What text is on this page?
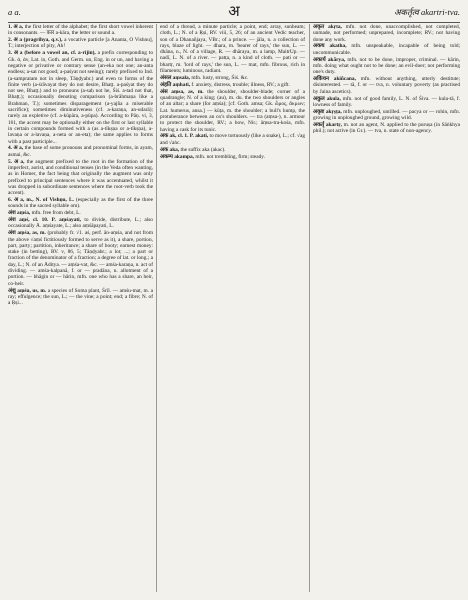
a a.	अ	अकर्तृत्व akartri-tva.

1. अ a, the first letter of the alphabet; the first short vowel inherent in consonants. — कार a-kāra, the letter or sound a.

2. अ a (pragrihya, q.v.), a vocative particle [a Ananta, O Vishnu], T.; interjection of pity, Ah!

3. अ a (before a vowel an, cf. a-rijin), a prefix corresponding to Gk. ἀ, ἀν, Lat. in, Goth. and Germ. un, Eng. in or un, and having a negative or privative or contrary sense (an-eka not one; an-anta endless; a-sat not good; a-paśyat not seeing); rarely prefixed to Ind. (a-sampratam not in sleep, Tāṇḍyabr.) and even to forms of the finite verb (a-śrāvayat they do not desire, Bhaṭṭ. a-paśyat they do not see, Bhaṭṭ.) and to pronouns (a-saḥ not he, Śiś. a-tad not that, Bhaṭṭ.); occasionally denoting comparison (a-brāhmaṇa like a Brahman, T.); sometimes disparagement (a-yajña a miserable sacrifice); sometimes diminutiveness (cf. a-karaṇa, an-udarā); rarely an expletive (cf. a-kūpāra, a-pūpa). According to Pāṇ. vi, 3, 161, the accent may be optionally either on the first or last syllable in certain compounds formed with a (as a-tīkṣṇa or a-tīkṣṇa), a-lavaṇa or a-lavaṇa, a-neta or an-eta); the same applies to forms with a past participle...

4. अ a, the base of some pronouns and pronominal forms, in ayam, asmai, &c.

5. अ a, the augment prefixed to the root in the formation of the imperfect, aorist, and conditional tenses (in the Veda often wanting, as in Homer, the fact being that originally the augment was only prefixed to principal sentences where it was accentuated, whilst it was dropped in subordinate sentences where the root-verb took the accent).

6. अ a, m., N. of Vishṇu, L. (especially as the first of the three sounds in the sacred syllable om).

अंश aṃśa, mfn. free from debt, L.

अंश aṃś, cl. 10. P. aṃśayati, to divide, distribute, L.; also occasionally Ā. aṃśayate, L.; also aṃśāpayati, L.

अंश aṃśa, as, m. (probably fr. √1. aś, perf. ān-aṃśa, and not from the above √aṃś fictitiously formed to serve as it), a share, portion, part, party; partition, inheritance; a share of booty; earnest money: stake (in betting), RV. v, 86, 5; Tāṇḍyabr.; a lot; ...; a part or fraction of the denominator of a fraction; a degree of lat. or long.; a day, L.; N. of an Āditya. — aṃśa-vat, &c. — amśa-karaṇa, n. act of dividing. — amśa-kalpanā, f. or — pradāna, n. allotment of a portion. — bhāgin or — hārin, mfn. one who has a share, an heir, co-heir.

अंशु aṃśu, us, m. a species of Soma plant, Śrīl. — amśu-mat, m. a ray; effulgence; the sun, L.; — the vine; a point; end; a fibre; N. of a Ṛṣi...

end of a thread, a minute particle; a point, end; array, sunbeam; cloth, L.; N. of a Ṛṣi, RV. viii, 5, 26; of an ancient Vedic teacher, son of a Dhanañjaya, VBr.; of a prince. — jāla, n. a collection of rays, blaze of light. — dhara, m. 'bearer of rays,' the sun, L. — dhāna, n., N. of a village, R. — dhāraya, m. a lamp, MaitrUp. — nadī, L. N. of a river. — patṭa, n. a kind of cloth. — pati or — bhartṛ, m. 'lord of rays,' the sun, L. — mat, mfn. fibrous, rich in filaments; luminous, radiant.

अंसल aṃsala, mfn. lusty, strong, Śiś. &c.

अंहति aṃhati, f. anxiety, distress, trouble; illness, RV.; a gift.

अंस aṃsa, as, m. the shoulder, shoulder-blade; corner of a quadrangle; N. of a king; (au), m. du. the two shoulders or angles of an altar; a share (for aṃśa); [cf. Goth. amsa; Gk. ὦμος, ἄκμων; Lat. humerus, ansa.] — kūṭa, m. the shoulder; a bull's hump, the protuberance between an ox's shoulders. — tra (aṃsa-), n. armour to protect the shoulder, RV.; a bow, Nir.; āṃsa-tra-kośa, mfn. having a cask for its tunic.

अक ak, cl. 1. P. akati, to move tortuously (like a snake), L.; cf. √ag and √aṅc.

अक aka, the suffix aka (akac).

अकम्प akampa, mfn. not trembling, firm; steady.

अकृत akṛta, mfn. not done, unaccomplished, not completed, unmade, not performed; unprepared, incomplete; RV.; not having done any work.

अकथ akatha, mfn. unspeakable, incapable of being told; uncommunicable.

अकार्य akārya, mfn. not to be done, improper, criminal. — kārin, mfn. doing what ought not to be done; an evil-doer; not performing one's duty.

अकिंचन akiñcana, mfn. without anything, utterly destitute; disinterested. — tā, f. or — tva, n. voluntary poverty (as practised by Jaina ascetics).

अकुल akula, mfn. not of good family, L. N. of Śiva. — kula-tā, f. lowness of family.

अकृष्ट akṛṣṭa, mfn. unploughed, untilled. — pacya or — rohin, mfn. growing in unploughed ground, growing wild.

अकर्तृ akartṛ, m. not an agent, N. applied to the puruṣa (in Sāṅkhya phil.); not active (in Gr.). — tva, n. state of non-agency.
